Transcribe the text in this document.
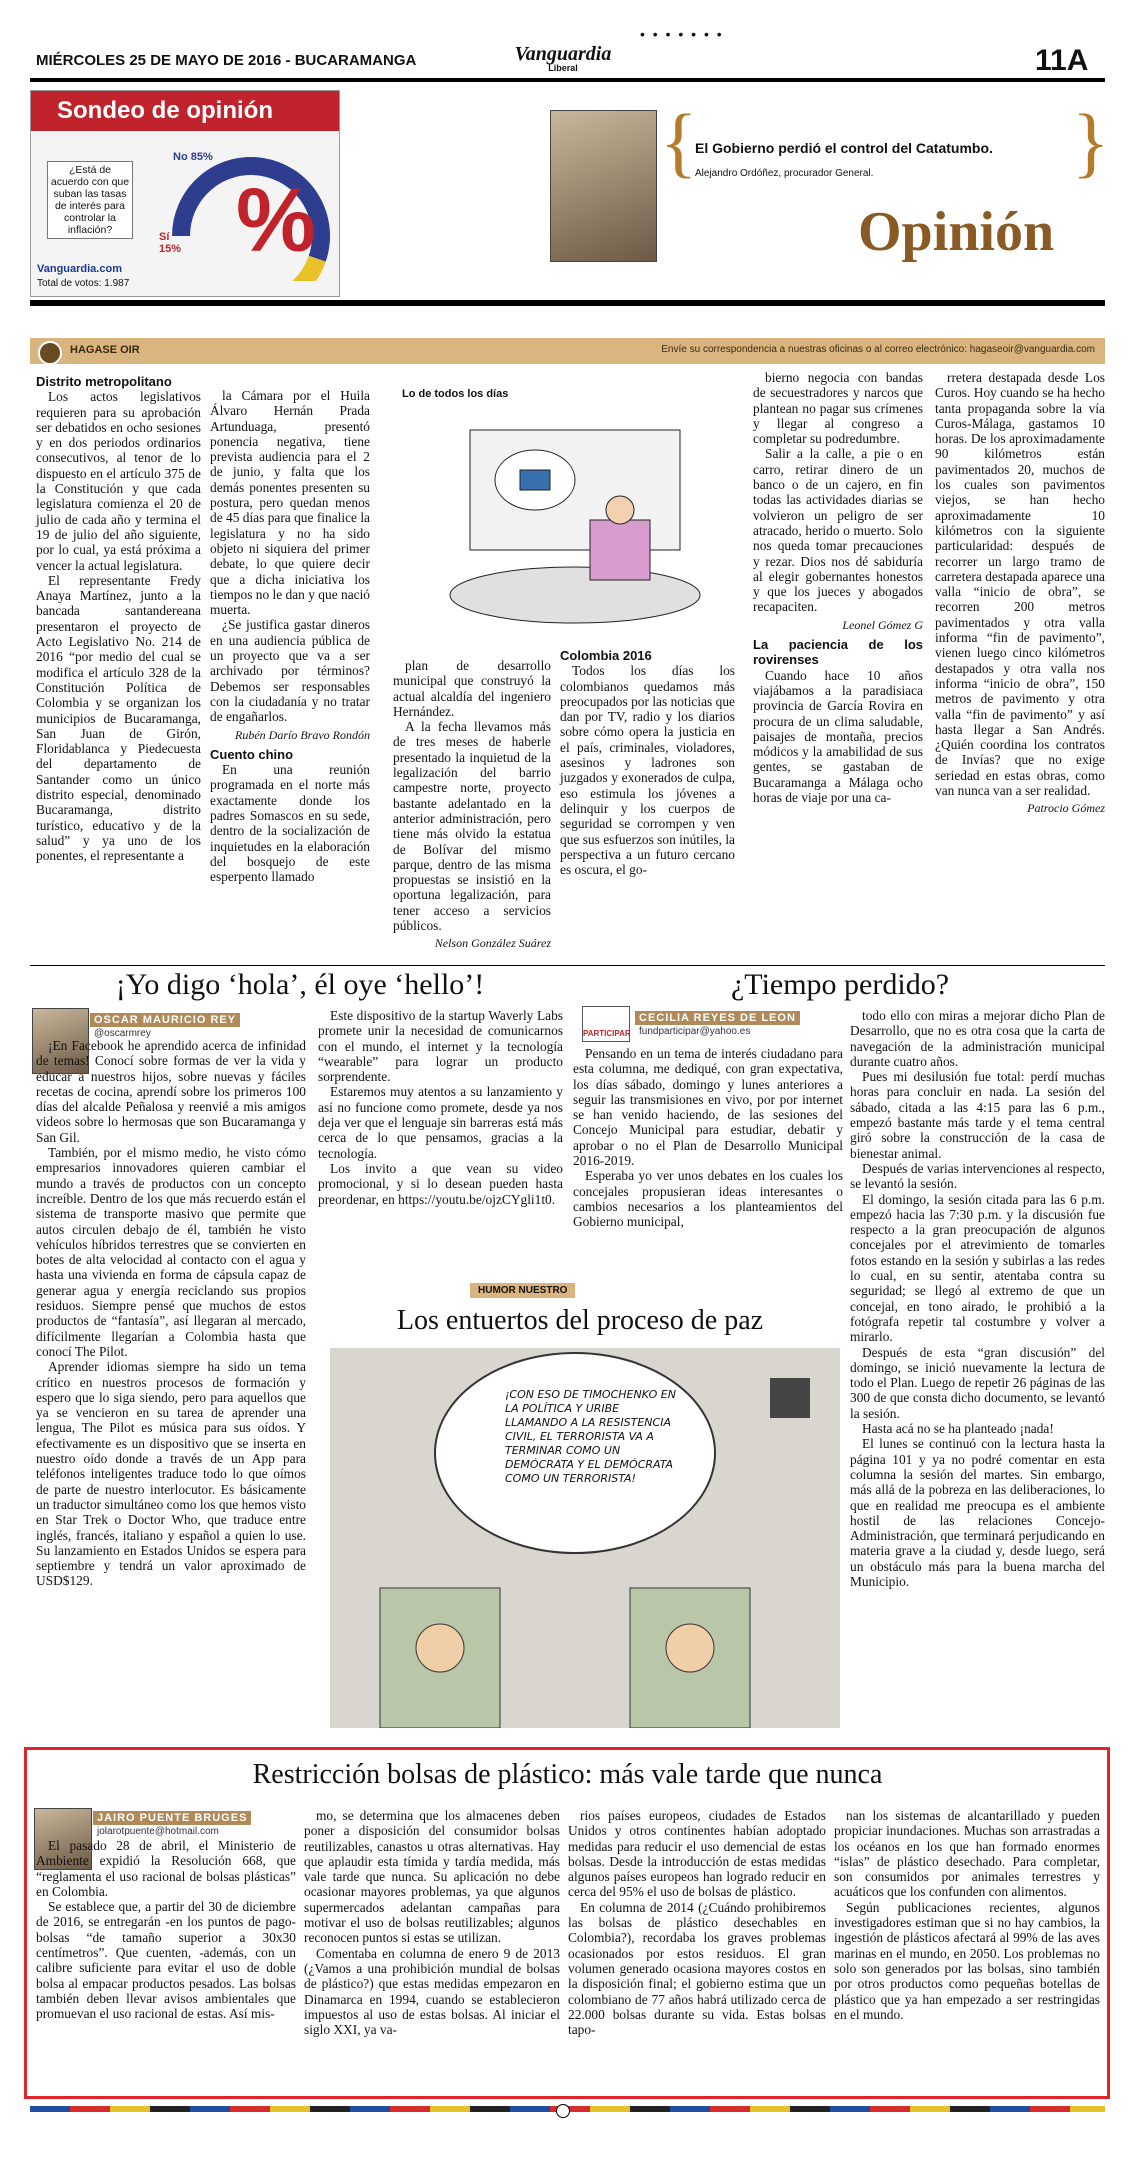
• • • • • • •
MIÉRCOLES 25 DE MAYO DE 2016 - BUCARAMANGA	Vanguardia
Liberal	11A
Sondeo de opinión
¿Está de acuerdo con que suban las tasas de interés para controlar la inflación?
No 85%
Sí 15% %
Vanguardia.com
Total de votos: 1.987
{
El Gobierno perdió el control del Catatumbo.
Alejandro Ordóñez, procurador General.	}
Opinión
HAGASE OIR	Envíe su correspondencia a nuestras oficinas o al correo electrónico: hagaseoir@vanguardia.com
Distrito metropolitano

Los actos legislativos requieren para su aprobación ser debatidos en ocho sesiones y en dos periodos ordinarios consecutivos, al tenor de lo dispuesto en el artículo 375 de la Constitución y que cada legislatura comienza el 20 de julio de cada año y termina el 19 de julio del año siguiente, por lo cual, ya está próxima a vencer la actual legislatura.

El representante Fredy Anaya Martínez, junto a la bancada santandereana presentaron el proyecto de Acto Legislativo No. 214 de 2016 “por medio del cual se modifica el artículo 328 de la Constitución Política de Colombia y se organizan los municipios de Bucaramanga, San Juan de Girón, Floridablanca y Piedecuesta del departamento de Santander como un único distrito especial, denominado Bucaramanga, distrito turístico, educativo y de la salud” y ya uno de los ponentes, el representante a

la Cámara por el Huila Álvaro Hernán Prada Artunduaga, presentó ponencia negativa, tiene prevista audiencia para el 2 de junio, y falta que los demás ponentes presenten su postura, pero quedan menos de 45 días para que finalice la legislatura y no ha sido objeto ni siquiera del primer debate, lo que quiere decir que a dicha iniciativa los tiempos no le dan y que nació muerta.

¿Se justifica gastar dineros en una audiencia pública de un proyecto que va a ser archivado por términos? Debemos ser responsables con la ciudadanía y no tratar de engañarlos.

Rubén Darío Bravo Rondón

Cuento chino

En una reunión programada en el norte más exactamente donde los padres Somascos en su sede, dentro de la socialización de inquietudes en la elaboración del bosquejo de este esperpento llamado

Lo de todos los días

plan de desarrollo municipal que construyó la actual alcaldía del ingeniero Hernández.

A la fecha llevamos más de tres meses de haberle presentado la inquietud de la legalización del barrio campestre norte, proyecto bastante adelantado en la anterior administración, pero tiene más olvido la estatua de Bolívar del mismo parque, dentro de las misma propuestas se insistió en la oportuna legalización, para tener acceso a servicios públicos.

Nelson González Suárez

Colombia 2016

Todos los días los colombianos quedamos más preocupados por las noticias que dan por TV, radio y los diarios sobre cómo opera la justicia en el país, criminales, violadores, asesinos y ladrones son juzgados y exonerados de culpa, eso estimula los jóvenes a delinquir y los cuerpos de seguridad se corrompen y ven que sus esfuerzos son inútiles, la perspectiva a un futuro cercano es oscura, el go-

bierno negocia con bandas de secuestradores y narcos que plantean no pagar sus crímenes y llegar al congreso a completar su podredumbre.

Salir a la calle, a pie o en carro, retirar dinero de un banco o de un cajero, en fin todas las actividades diarias se volvieron un peligro de ser atracado, herido o muerto. Solo nos queda tomar precauciones y rezar. Dios nos dé sabiduría al elegir gobernantes honestos y que los jueces y abogados recapaciten.

Leonel Gómez G

La paciencia de los rovirenses

Cuando hace 10 años viajábamos a la paradisiaca provincia de García Rovira en procura de un clima saludable, paisajes de montaña, precios módicos y la amabilidad de sus gentes, se gastaban de Bucaramanga a Málaga ocho horas de viaje por una ca-

rretera destapada desde Los Curos. Hoy cuando se ha hecho tanta propaganda sobre la vía Curos-Málaga, gastamos 10 horas. De los aproximadamente 90 kilómetros están pavimentados 20, muchos de los cuales son pavimentos viejos, se han hecho aproximadamente 10 kilómetros con la siguiente particularidad: después de recorrer un largo tramo de carretera destapada aparece una valla “inicio de obra”, se recorren 200 metros pavimentados y otra valla informa “fin de pavimento”, vienen luego cinco kilómetros destapados y otra valla nos informa “inicio de obra”, 150 metros de pavimento y otra valla “fin de pavimento” y así hasta llegar a San Andrés. ¿Quién coordina los contratos de Invías? que no exige seriedad en estas obras, como van nunca van a ser realidad.

Patrocio Gómez

¡Yo digo ‘hola’, él oye ‘hello’!
OSCAR MAURICIO REY
@oscarmrey

¡En Facebook he aprendido acerca de infinidad de temas! Conocí sobre formas de ver la vida y educar a nuestros hijos, sobre nuevas y fáciles recetas de cocina, aprendí sobre los primeros 100 días del alcalde Peñalosa y reenvié a mis amigos videos sobre lo hermosas que son Bucaramanga y San Gil.

También, por el mismo medio, he visto cómo empresarios innovadores quieren cambiar el mundo a través de productos con un concepto increíble. Dentro de los que más recuerdo están el sistema de transporte masivo que permite que autos circulen debajo de él, también he visto vehículos híbridos terrestres que se convierten en botes de alta velocidad al contacto con el agua y hasta una vivienda en forma de cápsula capaz de generar agua y energía reciclando sus propios residuos. Siempre pensé que muchos de estos productos de “fantasía”, así llegaran al mercado, difícilmente llegarían a Colombia hasta que conocí The Pilot.

Aprender idiomas siempre ha sido un tema crítico en nuestros procesos de formación y espero que lo siga siendo, pero para aquellos que ya se vencieron en su tarea de aprender una lengua, The Pilot es música para sus oídos. Y efectivamente es un dispositivo que se inserta en nuestro oído donde a través de un App para teléfonos inteligentes traduce todo lo que oímos de parte de nuestro interlocutor. Es básicamente un traductor simultáneo como los que hemos visto en Star Trek o Doctor Who, que traduce entre inglés, francés, italiano y español a quien lo use. Su lanzamiento en Estados Unidos se espera para septiembre y tendrá un valor aproximado de USD$129.

Este dispositivo de la startup Waverly Labs promete unir la necesidad de comunicarnos con el mundo, el internet y la tecnología “wearable” para lograr un producto sorprendente.

Estaremos muy atentos a su lanzamiento y así no funcione como promete, desde ya nos deja ver que el lenguaje sin barreras está más cerca de lo que pensamos, gracias a la tecnología.

Los invito a que vean su video promocional, y si lo desean pueden hasta preordenar, en https://youtu.be/ojzCYgli1t0.

¿Tiempo perdido?
PARTICIPAR
CECILIA REYES DE LEON
fundparticipar@yahoo.es

Pensando en un tema de interés ciudadano para esta columna, me dediqué, con gran expectativa, los días sábado, domingo y lunes anteriores a seguir las transmisiones en vivo, por por internet se han venido haciendo, de las sesiones del Concejo Municipal para estudiar, debatir y aprobar o no el Plan de Desarrollo Municipal 2016-2019.

Esperaba yo ver unos debates en los cuales los concejales propusieran ideas interesantes o cambios necesarios a los planteamientos del Gobierno municipal,

todo ello con miras a mejorar dicho Plan de Desarrollo, que no es otra cosa que la carta de navegación de la administración municipal durante cuatro años.

Pues mi desilusión fue total: perdí muchas horas para concluir en nada. La sesión del sábado, citada a las 4:15 para las 6 p.m., empezó bastante más tarde y el tema central giró sobre la construcción de la casa de bienestar animal.

Después de varias intervenciones al respecto, se levantó la sesión.

El domingo, la sesión citada para las 6 p.m. empezó hacia las 7:30 p.m. y la discusión fue respecto a la gran preocupación de algunos concejales por el atrevimiento de tomarles fotos estando en la sesión y subirlas a las redes lo cual, en su sentir, atentaba contra su seguridad; se llegó al extremo de que un concejal, en tono airado, le prohibió a la fotógrafa repetir tal costumbre y volver a mirarlo.

Después de esta “gran discusión” del domingo, se inició nuevamente la lectura de todo el Plan. Luego de repetir 26 páginas de las 300 de que consta dicho documento, se levantó la sesión.

Hasta acá no se ha planteado ¡nada!

El lunes se continuó con la lectura hasta la página 101 y ya no podré comentar en esta columna la sesión del martes. Sin embargo, más allá de la pobreza en las deliberaciones, lo que en realidad me preocupa es el ambiente hostil de las relaciones Concejo-Administración, que terminará perjudicando en materia grave a la ciudad y, desde luego, será un obstáculo más para la buena marcha del Municipio.

HUMOR NUESTRO
Los entuertos del proceso de paz
¡CON ESO DE TIMOCHENKO EN LA POLÍTICA Y URIBE LLAMANDO A LA RESISTENCIA CIVIL, EL TERRORISTA VA A TERMINAR COMO UN DEMÓCRATA Y EL DEMÓCRATA COMO UN TERRORISTA!
Restricción bolsas de plástico: más vale tarde que nunca
JAIRO PUENTE BRUGES
jolarotpuente@hotmail.com

El pasado 28 de abril, el Ministerio de Ambiente expidió la Resolución 668, que “reglamenta el uso racional de bolsas plásticas” en Colombia.

Se establece que, a partir del 30 de diciembre de 2016, se entregarán -en los puntos de pago- bolsas “de tamaño superior a 30x30 centímetros”. Que cuenten, -además, con un calibre suficiente para evitar el uso de doble bolsa al empacar productos pesados. Las bolsas también deben llevar avisos ambientales que promuevan el uso racional de estas. Así mis-

mo, se determina que los almacenes deben poner a disposición del consumidor bolsas reutilizables, canastos u otras alternativas. Hay que aplaudir esta tímida y tardía medida, más vale tarde que nunca. Su aplicación no debe ocasionar mayores problemas, ya que algunos supermercados adelantan campañas para motivar el uso de bolsas reutilizables; algunos reconocen puntos si estas se utilizan.

Comentaba en columna de enero 9 de 2013 (¿Vamos a una prohibición mundial de bolsas de plástico?) que estas medidas empezaron en Dinamarca en 1994, cuando se establecieron impuestos al uso de estas bolsas. Al iniciar el siglo XXI, ya va-

rios países europeos, ciudades de Estados Unidos y otros continentes habían adoptado medidas para reducir el uso demencial de estas bolsas. Desde la introducción de estas medidas algunos países europeos han logrado reducir en cerca del 95% el uso de bolsas de plástico.

En columna de 2014 (¿Cuándo prohibiremos las bolsas de plástico desechables en Colombia?), recordaba los graves problemas ocasionados por estos residuos. El gran volumen generado ocasiona mayores costos en la disposición final; el gobierno estima que un colombiano de 77 años habrá utilizado cerca de 22.000 bolsas durante su vida. Estas bolsas tapo-

nan los sistemas de alcantarillado y pueden propiciar inundaciones. Muchas son arrastradas a los océanos en los que han formado enormes “islas” de plástico desechado. Para completar, son consumidos por animales terrestres y acuáticos que los confunden con alimentos.

Según publicaciones recientes, algunos investigadores estiman que si no hay cambios, la ingestión de plásticos afectará al 99% de las aves marinas en el mundo, en 2050. Los problemas no solo son generados por las bolsas, sino también por otros productos como pequeñas botellas de plástico que ya han empezado a ser restringidas en el mundo.
